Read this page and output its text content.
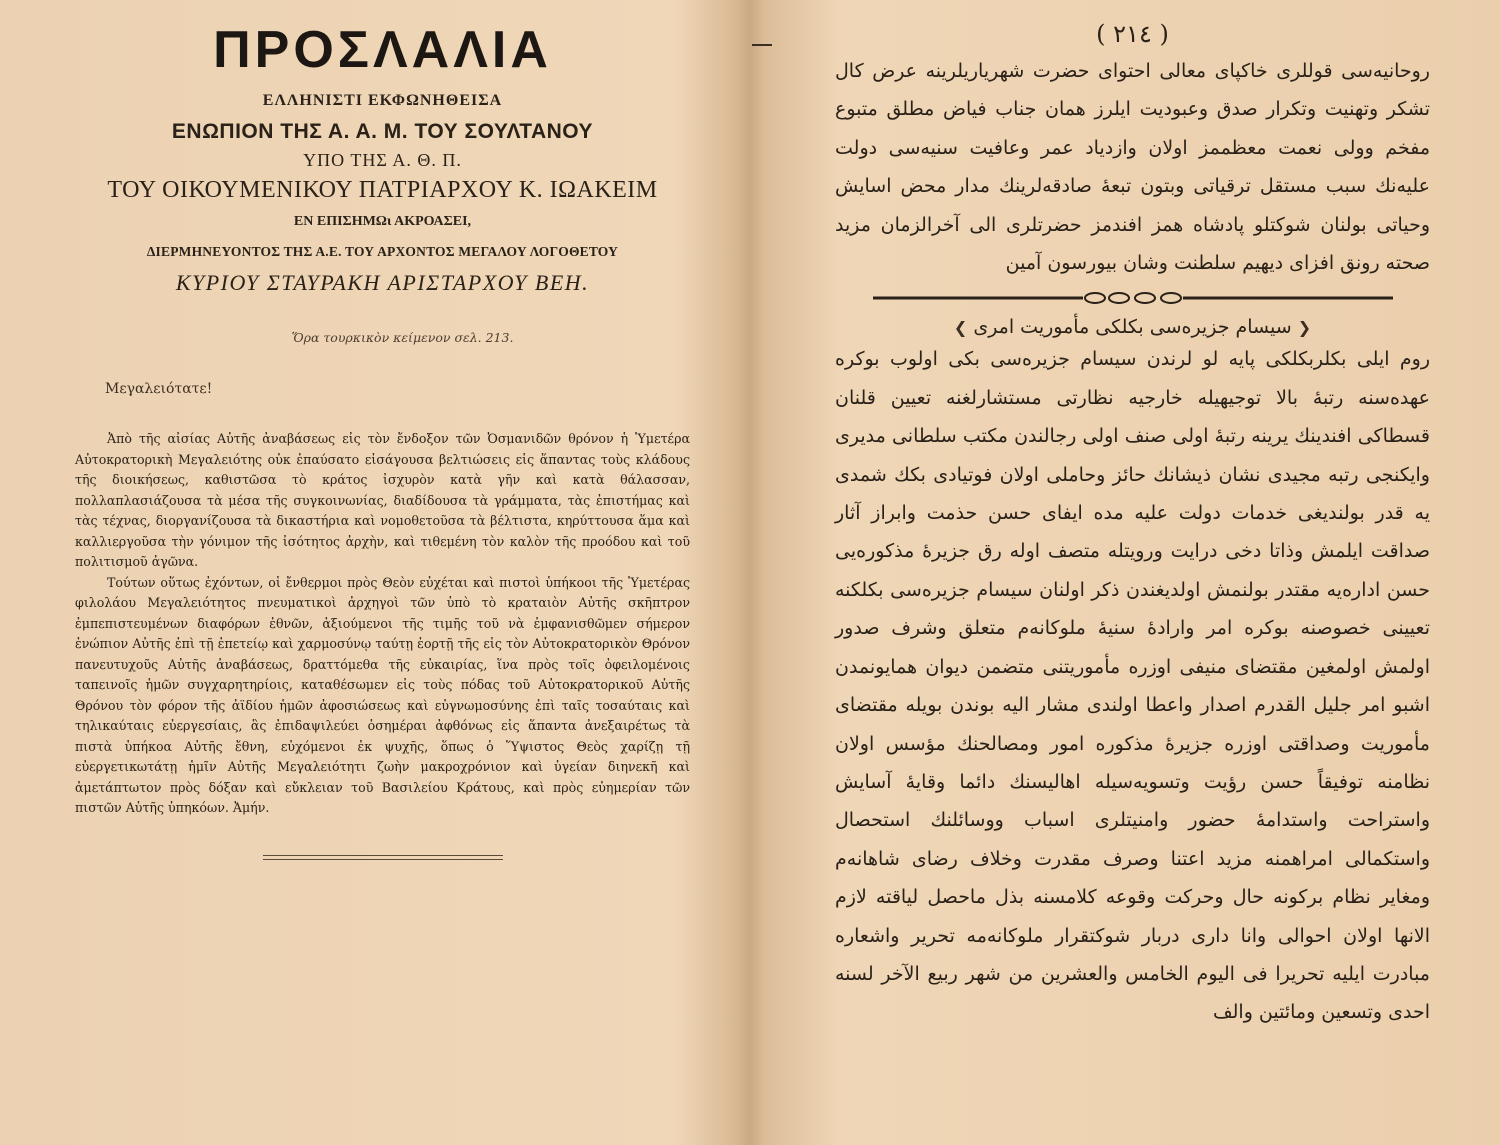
ΠΡΟΣΛΑΛΙΑ
ΕΛΛΗΝΙΣΤΙ ΕΚΦΩΝΗΘΕΙΣΑ
ΕΝΩΠΙΟΝ ΤΗΣ Α. Α. Μ. ΤΟΥ ΣΟΥΛΤΑΝΟΥ
ΥΠΟ ΤΗΣ Α. Θ. Π.
ΤΟΥ ΟΙΚΟΥΜΕΝΙΚΟΥ ΠΑΤΡΙΑΡΧΟΥ Κ. ΙΩΑΚΕΙΜ
ΕΝ ΕΠΙΣΗΜΩι ΑΚΡΟΑΣΕΙ,
ΔΙΕΡΜΗΝΕΥΟΝΤΟΣ ΤΗΣ Α.Ε. ΤΟΥ ΑΡΧΟΝΤΟΣ ΜΕΓΑΛΟΥ ΛΟΓΟΘΕΤΟΥ
ΚΥΡΙΟΥ ΣΤΑΥΡΑΚΗ ΑΡΙΣΤΑΡΧΟΥ ΒΕΗ.
Ὅρα τουρκικὸν κείμενον σελ. 213.
Μεγαλειότατε!

Ἀπὸ τῆς αἰσίας Αὐτῆς ἀναβάσεως εἰς τὸν ἔνδοξον τῶν Ὀσμανιδῶν θρόνον ἡ Ὑμετέρα Αὐτοκρατορικὴ Μεγαλειότης οὐκ ἐπαύσατο εἰσάγουσα βελτιώσεις εἰς ἅπαντας τοὺς κλάδους τῆς διοικήσεως, καθιστῶσα τὸ κράτος ἰσχυρὸν κατὰ γῆν καὶ κατὰ θάλασσαν, πολλαπλασιάζουσα τὰ μέσα τῆς συγκοινωνίας, διαδίδουσα τὰ γράμματα, τὰς ἐπιστήμας καὶ τὰς τέχνας, διοργανίζουσα τὰ δικαστήρια καὶ νομοθετοῦσα τὰ βέλτιστα, κηρύττουσα ἅμα καὶ καλλιεργοῦσα τὴν γόνιμον τῆς ἰσότητος ἀρχὴν, καὶ τιθεμένη τὸν καλὸν τῆς προόδου καὶ τοῦ πολιτισμοῦ ἀγῶνα.

Τούτων οὕτως ἐχόντων, οἱ ἔνθερμοι πρὸς Θεὸν εὐχέται καὶ πιστοὶ ὑπήκοοι τῆς Ὑμετέρας φιλολάου Μεγαλειότητος πνευματικοὶ ἀρχηγοὶ τῶν ὑπὸ τὸ κραταιὸν Αὐτῆς σκῆπτρον ἐμπεπιστευμένων διαφόρων ἐθνῶν, ἀξιούμενοι τῆς τιμῆς τοῦ νὰ ἐμφανισθῶμεν σήμερον ἐνώπιον Αὐτῆς ἐπὶ τῇ ἐπετείῳ καὶ χαρμοσύνῳ ταύτῃ ἑορτῇ τῆς εἰς τὸν Αὐτοκρατορικὸν Θρόνον πανευτυχοῦς Αὐτῆς ἀναβάσεως, δραττόμεθα τῆς εὐκαιρίας, ἵνα πρὸς τοῖς ὀφειλομένοις ταπεινοῖς ἡμῶν συγχαρητηρίοις, καταθέσωμεν εἰς τοὺς πόδας τοῦ Αὐτοκρατορικοῦ Αὐτῆς Θρόνου τὸν φόρον τῆς ἀϊδίου ἡμῶν ἀφοσιώσεως καὶ εὐγνωμοσύνης ἐπὶ ταῖς τοσαύταις καὶ τηλικαύταις εὐεργεσίαις, ἃς ἐπιδαψιλεύει ὁσημέραι ἀφθόνως εἰς ἅπαντα ἀνεξαιρέτως τὰ πιστὰ ὑπήκοα Αὐτῆς ἔθνη, εὐχόμενοι ἐκ ψυχῆς, ὅπως ὁ Ὕψιστος Θεὸς χαρίζῃ τῇ εὐεργετικωτάτῃ ἡμῖν Αὐτῆς Μεγαλειότητι ζωὴν μακροχρόνιον καὶ ὑγείαν διηνεκῆ καὶ ἀμετάπτωτον πρὸς δόξαν καὶ εὔκλειαν τοῦ Βασιλείου Κράτους, καὶ πρὸς εὐημερίαν τῶν πιστῶν Αὐτῆς ὑπηκόων. Ἀμήν.

( ٢١٤ )

روحانیه‌سی قوللری خاکپای معالی احتوای حضرت شهریاریلرینه عرض کال تشکر وتهنیت وتکرار صدق وعبودیت ایلرز همان جناب فیاض مطلق متبوع مفخم وولی نعمت معظممز اولان وازدیاد عمر وعافیت سنیه‌سی دولت علیه‌نك سبب مستقل ترقیاتی وبتون تبعهٔ صادقه‌لرینك مدار محض اسایش وحیاتی بولنان شوکتلو پادشاه همز افندمز حضرتلری الی آخرالزمان مزید صحته رونق افزای دیهیم سلطنت وشان بیورسون آمین

❮ سیسام جزیره‌سی بکلکی مأموریت امری ❯

روم ایلی بکلربکلکی پایه لو لرندن سیسام جزیره‌سی بکی اولوب بوکره عهده‌سنه رتبهٔ بالا توجیهیله خارجیه نظارتی مستشارلغنه تعیین قلنان قسطاکی افندینك یرینه رتبهٔ اولی صنف اولی رجالندن مکتب سلطانی مدیری وایکنجی رتبه مجیدی نشان ذیشانك حائز وحاملی اولان فوتیادی بکك شمدی یه قدر بولندیغی خدمات دولت علیه مده ایفای حسن حذمت وابراز آثار صداقت ایلمش وذاتا دخی درایت ورویتله متصف اوله رق جزیرهٔ مذکوره‌یی حسن اداره‌یه مقتدر بولنمش اولدیغندن ذکر اولنان سیسام جزیره‌سی بکلکنه تعیینی خصوصنه بوکره امر واراده‌ٔ سنیهٔ ملوکانه‌م متعلق وشرف صدور اولمش اولمغین مقتضای منیفی اوزره مأموریتنی متضمن دیوان همایونمدن اشبو امر جلیل القدرم اصدار واعطا اولندی مشار الیه بوندن بویله مقتضای مأموریت وصداقتی اوزره جزیرهٔ مذکوره امور ومصالحنك مؤسس اولان نظامنه توفیقاً حسن رؤیت وتسویه‌سیله اهالیسنك دائما وقایهٔ آسایش واستراحت واستدامهٔ حضور وامنیتلری اسباب ووسائلنك استحصال واستکمالی امراهمنه مزید اعتنا وصرف مقدرت وخلاف رضای شاهانه‌م ومغایر نظام برکونه حال وحرکت وقوعه کلامسنه بذل ماحصل لیاقته لازم الانها اولان احوالی وانا داری دربار شوکتقرار ملوکانه‌مه تحریر واشعاره مبادرت ایلیه تحریرا فی الیوم الخامس والعشرین من شهر ربیع الآخر لسنه احدی وتسعین ومائتین والف
